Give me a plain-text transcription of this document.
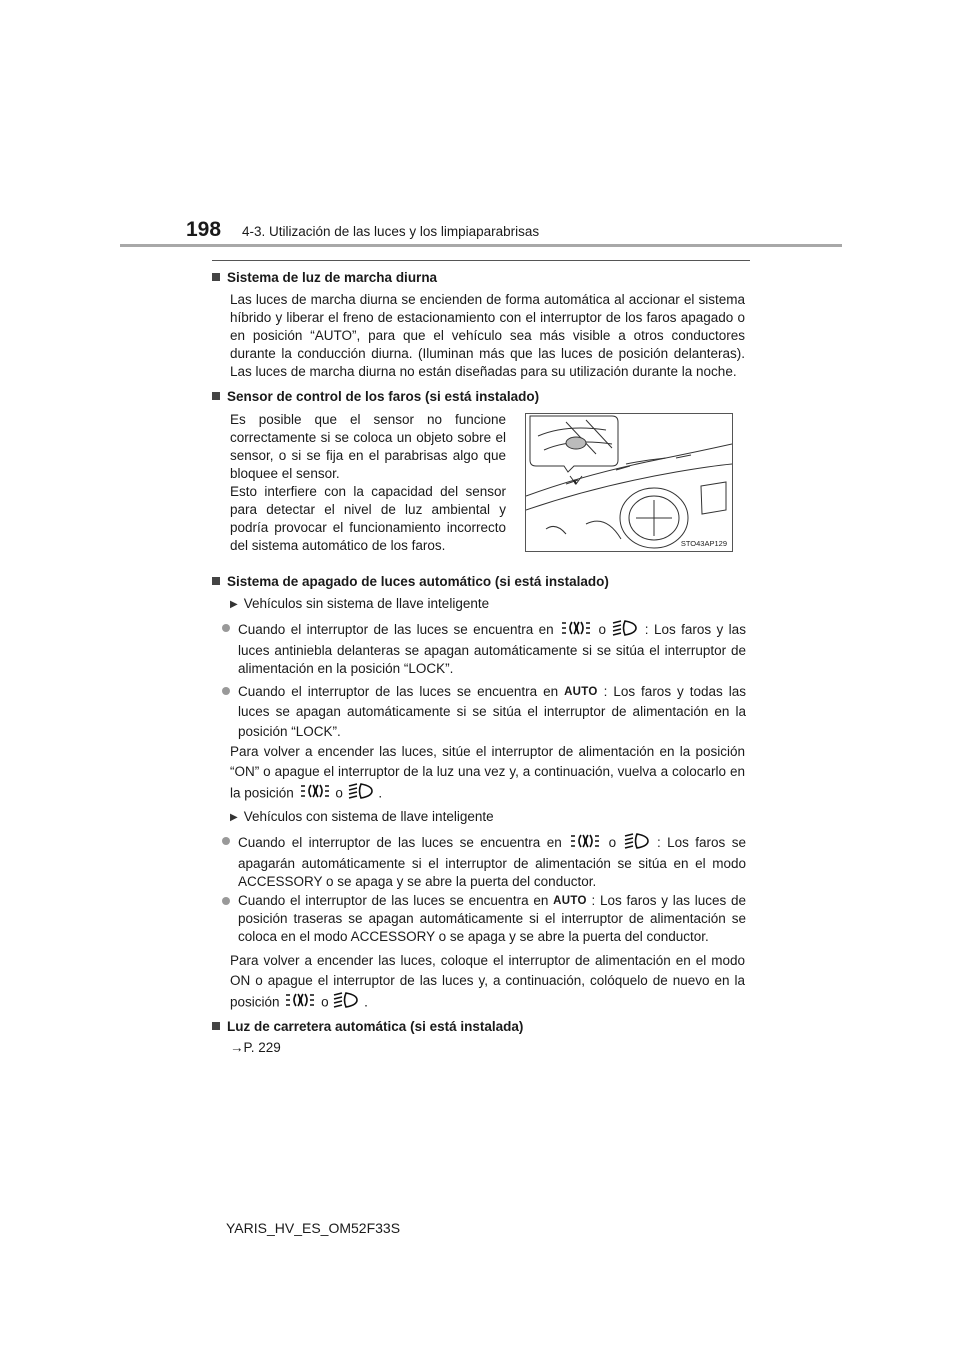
198 4-3. Utilización de las luces y los limpiaparabrisas
Sistema de luz de marcha diurna
Las luces de marcha diurna se encienden de forma automática al accionar el sistema híbrido y liberar el freno de estacionamiento con el interruptor de los faros apagado o en posición “AUTO”, para que el vehículo sea más visible a otros conductores durante la conducción diurna. (Iluminan más que las luces de posición delanteras). Las luces de marcha diurna no están diseñadas para su utilización durante la noche.
Sensor de control de los faros (si está instalado)
Es posible que el sensor no funcione correctamente si se coloca un objeto sobre el sensor, o si se fija en el parabrisas algo que bloquee el sensor.
Esto interfiere con la capacidad del sensor para detectar el nivel de luz ambiental y podría provocar el funcionamiento incorrecto del sistema automático de los faros.	STO43AP129
Sistema de apagado de luces automático (si está instalado)
▶ Vehículos sin sistema de llave inteligente
Cuando el interruptor de las luces se encuentra en	o	: Los faros y las luces antiniebla delanteras se apagan automáticamente si se sitúa el interruptor de alimentación en la posición “LOCK”.
Cuando el interruptor de las luces se encuentra en AUTO : Los faros y todas las luces se apagan automáticamente si se sitúa el interruptor de alimentación en la posición “LOCK”.
Para volver a encender las luces, sitúe el interruptor de alimentación en la posición “ON” o apague el interruptor de la luz una vez y, a continuación, vuelva a colocarlo en la posición	o	.
▶ Vehículos con sistema de llave inteligente
Cuando el interruptor de las luces se encuentra en	o	: Los faros se apagarán automáticamente si el interruptor de alimentación se sitúa en el modo ACCESSORY o se apaga y se abre la puerta del conductor.
Cuando el interruptor de las luces se encuentra en AUTO : Los faros y las luces de posición traseras se apagan automáticamente si el interruptor de alimentación se coloca en el modo ACCESSORY o se apaga y se abre la puerta del conductor.
Para volver a encender las luces, coloque el interruptor de alimentación en el modo ON o apague el interruptor de las luces y, a continuación, colóquelo de nuevo en la posición	o	.
Luz de carretera automática (si está instalada)
→P. 229
YARIS_HV_ES_OM52F33S
